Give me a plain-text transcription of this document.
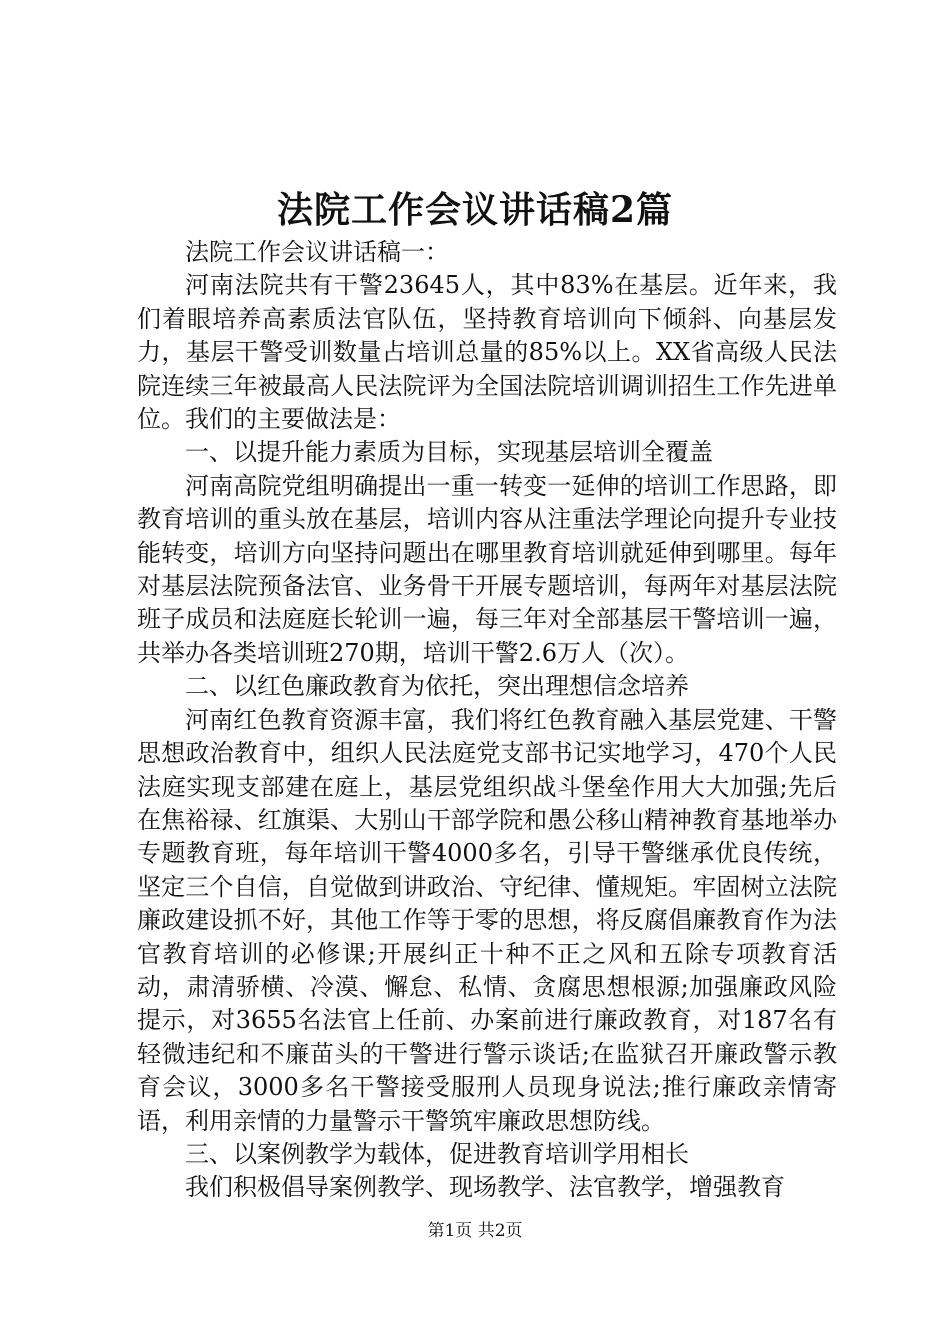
法院工作会议讲话稿2篇

法院工作会议讲话稿一：

河南法院共有干警23645人，其中83%在基层。近年来，我们着眼培养高素质法官队伍，坚持教育培训向下倾斜、向基层发力，基层干警受训数量占培训总量的85%以上。XX省高级人民法院连续三年被最高人民法院评为全国法院培训调训招生工作先进单位。我们的主要做法是：

一、以提升能力素质为目标，实现基层培训全覆盖

河南高院党组明确提出一重一转变一延伸的培训工作思路，即教育培训的重头放在基层，培训内容从注重法学理论向提升专业技能转变，培训方向坚持问题出在哪里教育培训就延伸到哪里。每年对基层法院预备法官、业务骨干开展专题培训，每两年对基层法院班子成员和法庭庭长轮训一遍，每三年对全部基层干警培训一遍，共举办各类培训班270期，培训干警2.6万人（次）。

二、以红色廉政教育为依托，突出理想信念培养

河南红色教育资源丰富，我们将红色教育融入基层党建、干警思想政治教育中，组织人民法庭党支部书记实地学习，470个人民法庭实现支部建在庭上，基层党组织战斗堡垒作用大大加强;先后在焦裕禄、红旗渠、大别山干部学院和愚公移山精神教育基地举办专题教育班，每年培训干警4000多名，引导干警继承优良传统，坚定三个自信，自觉做到讲政治、守纪律、懂规矩。牢固树立法院廉政建设抓不好，其他工作等于零的思想，将反腐倡廉教育作为法官教育培训的必修课;开展纠正十种不正之风和五除专项教育活动，肃清骄横、冷漠、懈怠、私情、贪腐思想根源;加强廉政风险提示，对3655名法官上任前、办案前进行廉政教育，对187名有轻微违纪和不廉苗头的干警进行警示谈话;在监狱召开廉政警示教育会议，3000多名干警接受服刑人员现身说法;推行廉政亲情寄语，利用亲情的力量警示干警筑牢廉政思想防线。

三、以案例教学为载体，促进教育培训学用相长

我们积极倡导案例教学、现场教学、法官教学，增强教育

第1页 共2页
